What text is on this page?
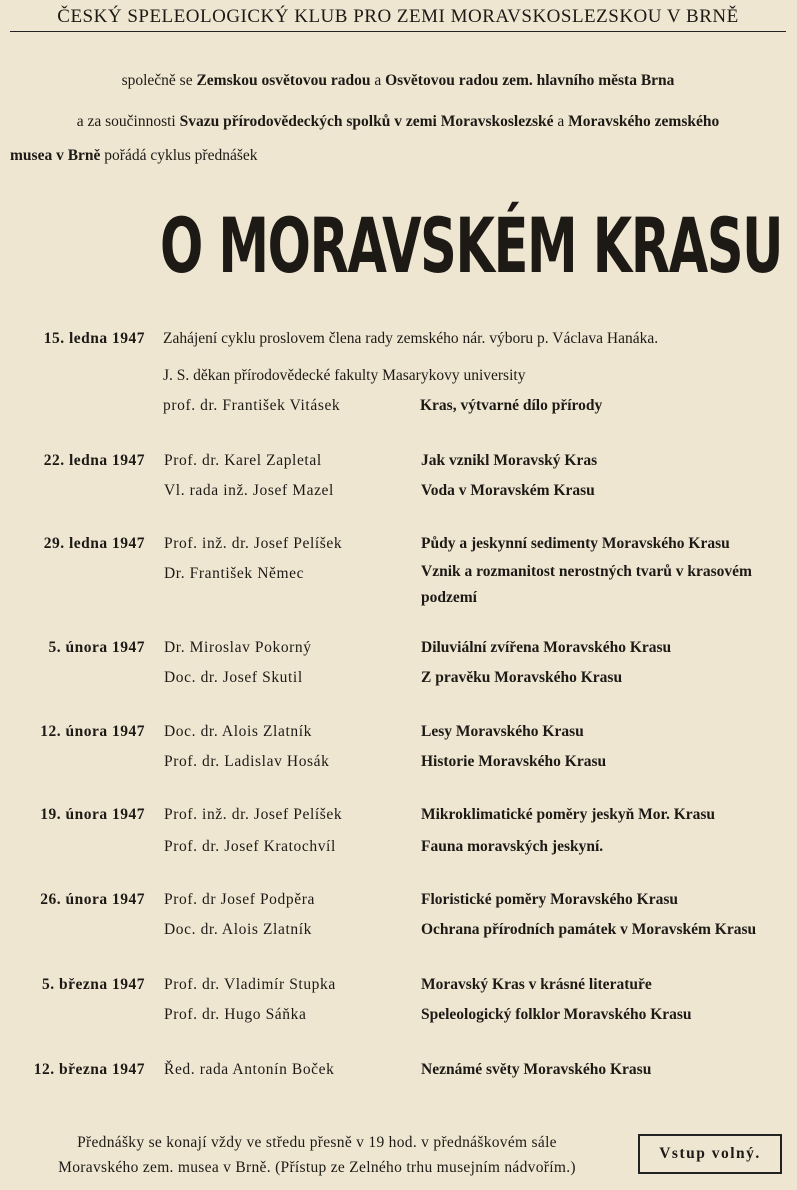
ČESKÝ SPELEOLOGICKÝ KLUB PRO ZEMI MORAVSKOSLEZSKOU V BRNĚ
společně se Zemskou osvětovou radou a Osvětovou radou zem. hlavního města Brna
a za součinnosti Svazu přírodovědeckých spolků v zemi Moravskoslezské a Moravského zemského
musea v Brně pořádá cyklus přednášek
O MORAVSKÉM KRASU
15. ledna 1947 Zahájení cyklu proslovem člena rady zemského nár. výboru p. Václava Hanáka.
J. S. děkan přírodovědecké fakulty Masarykovy university
prof. dr. František Vitásek	Kras, výtvarné dílo přírody
22. ledna 1947 Prof. dr. Karel Zapletal	Jak vznikl Moravský Kras
Vl. rada inž. Josef Mazel	Voda v Moravském Krasu
29. ledna 1947 Prof. inž. dr. Josef Pelíšek	Půdy a jeskynní sedimenty Moravského Krasu
Dr. František Němec	Vznik a rozmanitost nerostných tvarů v krasovém podzemí
5. února 1947 Dr. Miroslav Pokorný	Diluviální zvířena Moravského Krasu
Doc. dr. Josef Skutil	Z pravěku Moravského Krasu
12. února 1947 Doc. dr. Alois Zlatník	Lesy Moravského Krasu
Prof. dr. Ladislav Hosák	Historie Moravského Krasu
19. února 1947 Prof. inž. dr. Josef Pelíšek	Mikroklimatické poměry jeskyň Mor. Krasu
Prof. dr. Josef Kratochvíl	Fauna moravských jeskyní.
26. února 1947 Prof. dr Josef Podpěra	Floristické poměry Moravského Krasu
Doc. dr. Alois Zlatník	Ochrana přírodních památek v Moravském Krasu
5. března 1947 Prof. dr. Vladimír Stupka	Moravský Kras v krásné literatuře
Prof. dr. Hugo Sáňka	Speleologický folklor Moravského Krasu
12. března 1947 Řed. rada Antonín Boček	Neznámé světy Moravského Krasu
Přednášky se konají vždy ve středu přesně v 19 hod. v přednáškovém sále
Moravského zem. musea v Brně. (Přístup ze Zelného trhu musejním nádvořím.)
Vstup volný.
